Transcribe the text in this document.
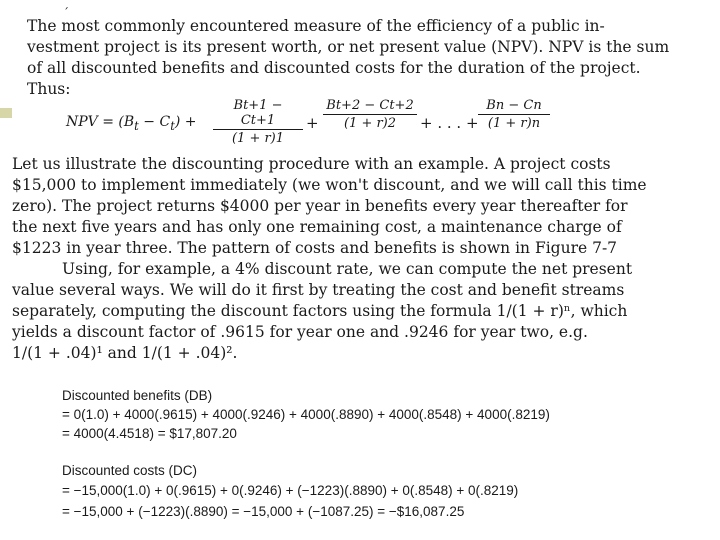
´
The most commonly encountered measure of the efficiency of a public in-
vestment project is its present worth, or net present value (NPV). NPV is the sum
of all discounted benefits and discounted costs for the duration of the project.
Thus:
NPV = $(B_t - C_t) + \frac{Bt+1 - Ct+1}{(1 + r)1} + \frac{Bt+2 - Ct+2}{(1 + r)2}$ + . . . + $\frac{Bn - Cn}{(1 + r)n}$
Let us illustrate the discounting procedure with an example. A project costs
$15,000 to implement immediately (we won't discount, and we will call this time
zero). The project returns $4000 per year in benefits every year thereafter for
the next five years and has only one remaining cost, a maintenance charge of
$1223 in year three. The pattern of costs and benefits is shown in Figure 7-7
Using, for example, a 4% discount rate, we can compute the net present
value several ways. We will do it first by treating the cost and benefit streams
separately, computing the discount factors using the formula 1/(1 + r)ⁿ, which
yields a discount factor of .9615 for year one and .9246 for year two, e.g.
1/(1 + .04)¹ and 1/(1 + .04)².
Discounted benefits (DB)
= 0(1.0) + 4000(.9615) + 4000(.9246) + 4000(.8890) + 4000(.8548) + 4000(.8219)
= 4000(4.4518) = $17,807.20
Discounted costs (DC)
= −15,000(1.0) + 0(.9615) + 0(.9246) + (−1223)(.8890) + 0(.8548) + 0(.8219)
= −15,000 + (−1223)(.8890) = −15,000 + (−1087.25) = −$16,087.25
